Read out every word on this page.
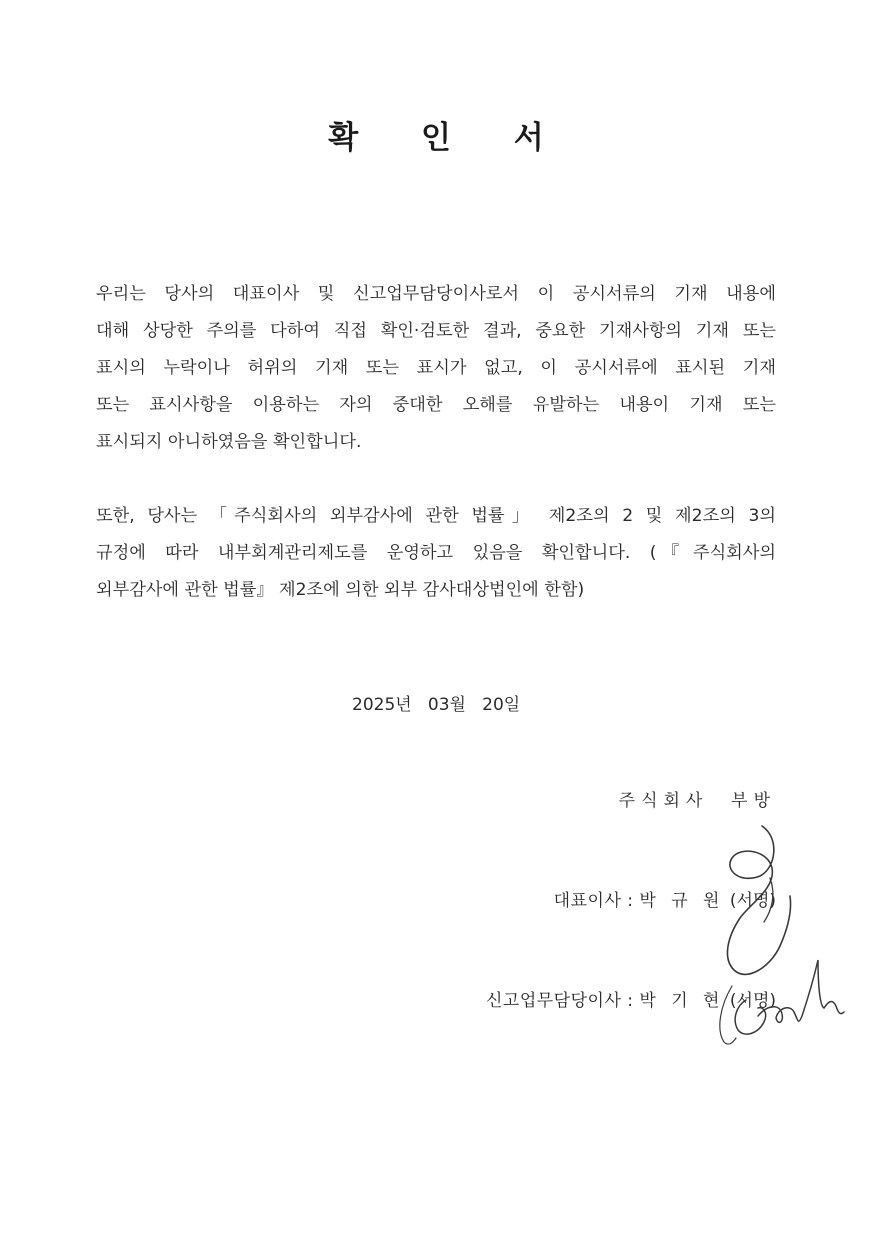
확 인 서
우리는 당사의 대표이사 및 신고업무담당이사로서 이 공시서류의 기재 내용에
대해 상당한 주의를 다하여 직접 확인·검토한 결과, 중요한 기재사항의 기재 또는
표시의 누락이나 허위의 기재 또는 표시가 없고, 이 공시서류에 표시된 기재
또는 표시사항을 이용하는 자의 중대한 오해를 유발하는 내용이 기재 또는
표시되지 아니하였음을 확인합니다.
또한, 당사는 「주식회사의 외부감사에 관한 법률」 제2조의 2 및 제2조의 3의
규정에 따라 내부회계관리제도를 운영하고 있음을 확인합니다. (『주식회사의
외부감사에 관한 법률』 제2조에 의한 외부 감사대상법인에 한함)
2025년   03월   20일
주식회사  부방
대표이사 : 박 규 원 (서명)
신고업무담당이사 : 박 기 현 (서명)
